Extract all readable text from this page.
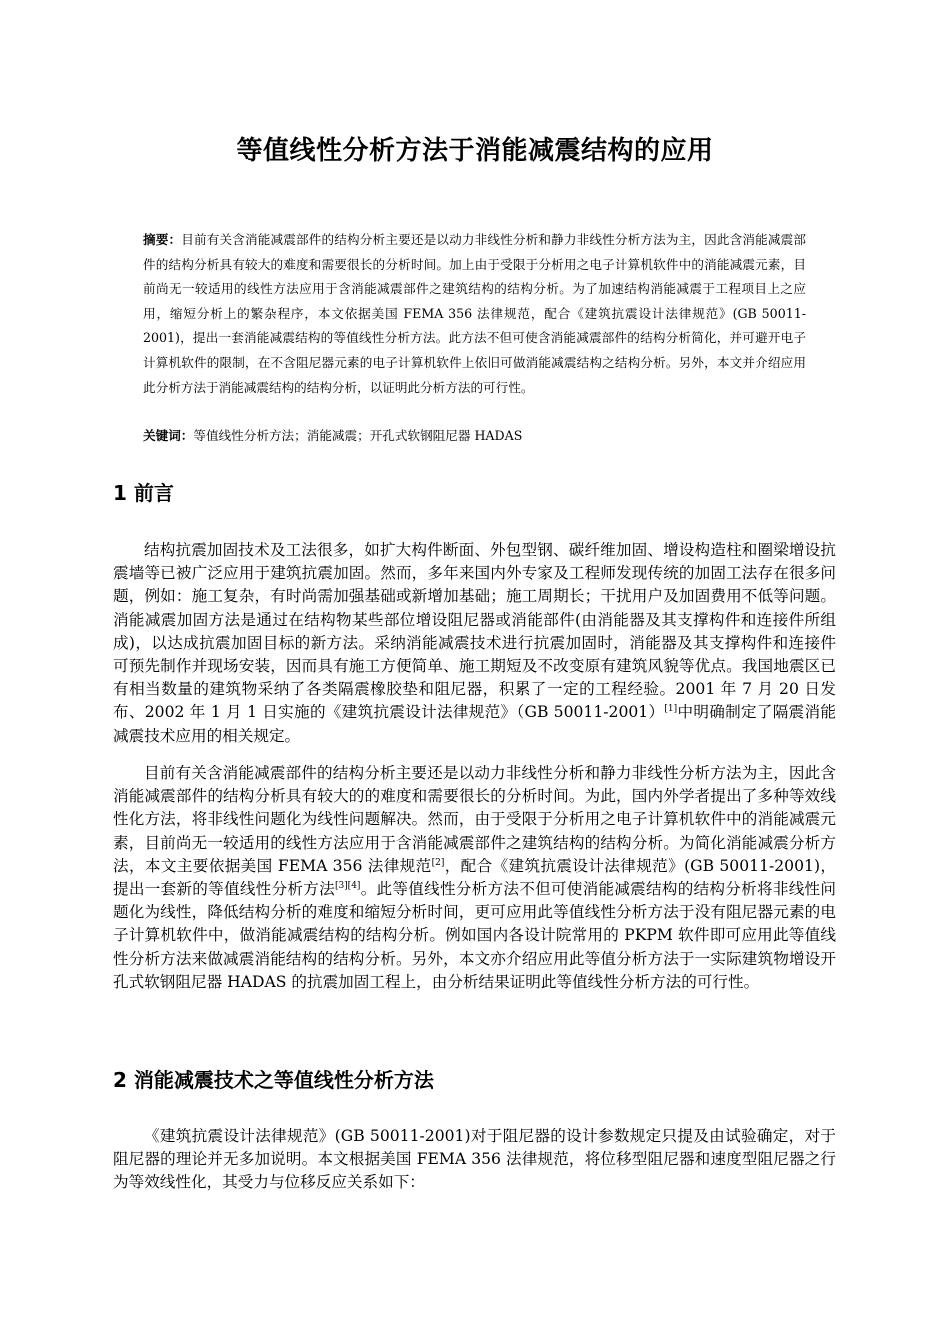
等值线性分析方法于消能减震结构的应用
摘要：目前有关含消能减震部件的结构分析主要还是以动力非线性分析和静力非线性分析方法为主，因此含消能减震部件的结构分析具有较大的难度和需要很长的分析时间。加上由于受限于分析用之电子计算机软件中的消能减震元素，目前尚无一较适用的线性方法应用于含消能减震部件之建筑结构的结构分析。为了加速结构消能减震于工程项目上之应用，缩短分析上的繁杂程序，本文依据美国 FEMA 356 法律规范，配合《建筑抗震设计法律规范》(GB 50011-2001)，提出一套消能减震结构的等值线性分析方法。此方法不但可使含消能减震部件的结构分析简化，并可避开电子计算机软件的限制，在不含阻尼器元素的电子计算机软件上依旧可做消能减震结构之结构分析。另外，本文并介绍应用此分析方法于消能减震结构的结构分析，以证明此分析方法的可行性。
关键词：等值线性分析方法；消能减震；开孔式软钢阻尼器 HADAS
1 前言

结构抗震加固技术及工法很多，如扩大构件断面、外包型钢、碳纤维加固、增设构造柱和圈梁增设抗震墙等已被广泛应用于建筑抗震加固。然而，多年来国内外专家及工程师发现传统的加固工法存在很多问题，例如：施工复杂，有时尚需加强基础或新增加基础；施工周期长；干扰用户及加固费用不低等问题。消能减震加固方法是通过在结构物某些部位增设阻尼器或消能部件(由消能器及其支撑构件和连接件所组成)，以达成抗震加固目标的新方法。采纳消能减震技术进行抗震加固时，消能器及其支撑构件和连接件可预先制作并现场安装，因而具有施工方便简单、施工期短及不改变原有建筑风貌等优点。我国地震区已有相当数量的建筑物采纳了各类隔震橡胶垫和阻尼器，积累了一定的工程经验。2001 年 7 月 20 日发布、2002 年 1 月 1 日实施的《建筑抗震设计法律规范》（GB 50011-2001）[1]中明确制定了隔震消能减震技术应用的相关规定。

目前有关含消能减震部件的结构分析主要还是以动力非线性分析和静力非线性分析方法为主，因此含消能减震部件的结构分析具有较大的的难度和需要很长的分析时间。为此，国内外学者提出了多种等效线性化方法，将非线性问题化为线性问题解决。然而，由于受限于分析用之电子计算机软件中的消能减震元素，目前尚无一较适用的线性方法应用于含消能减震部件之建筑结构的结构分析。为简化消能减震分析方法，本文主要依据美国 FEMA 356 法律规范[2]，配合《建筑抗震设计法律规范》(GB 50011-2001)，提出一套新的等值线性分析方法[3][4]。此等值线性分析方法不但可使消能减震结构的结构分析将非线性问题化为线性，降低结构分析的难度和缩短分析时间，更可应用此等值线性分析方法于没有阻尼器元素的电子计算机软件中，做消能减震结构的结构分析。例如国内各设计院常用的 PKPM 软件即可应用此等值线性分析方法来做减震消能结构的结构分析。另外，本文亦介绍应用此等值分析方法于一实际建筑物增设开孔式软钢阻尼器 HADAS 的抗震加固工程上，由分析结果证明此等值线性分析方法的可行性。

2 消能减震技术之等值线性分析方法

《建筑抗震设计法律规范》(GB 50011-2001)对于阻尼器的设计参数规定只提及由试验确定，对于阻尼器的理论并无多加说明。本文根据美国 FEMA 356 法律规范，将位移型阻尼器和速度型阻尼器之行为等效线性化，其受力与位移反应关系如下：
